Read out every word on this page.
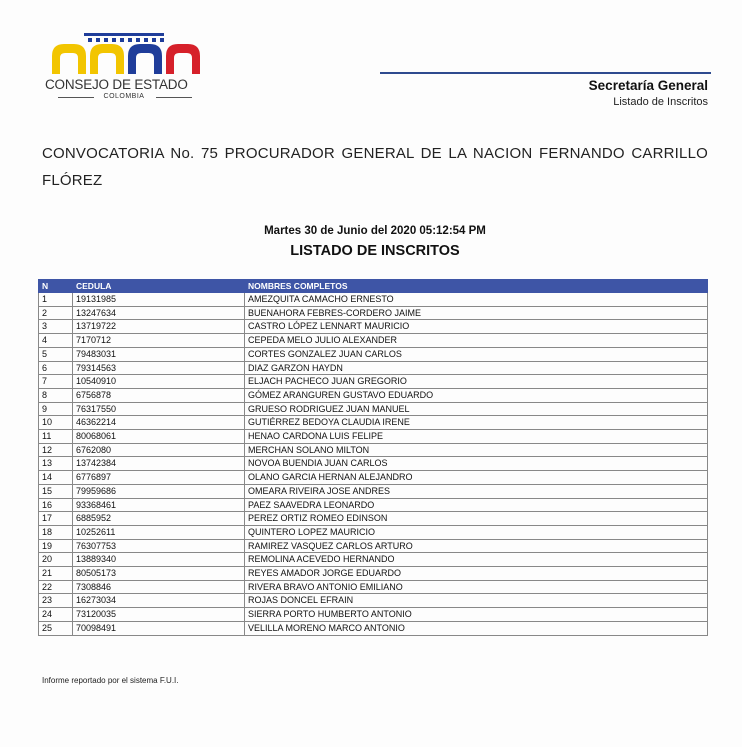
CONSEJO DE ESTADO
COLOMBIA
Secretaría General
Listado de Inscritos
CONVOCATORIA No. 75 PROCURADOR GENERAL DE LA NACION FERNANDO CARRILLO FLÓREZ
Martes 30 de Junio del 2020 05:12:54 PM
LISTADO DE INSCRITOS
N	CEDULA	NOMBRES COMPLETOS
1	19131985	AMEZQUITA CAMACHO ERNESTO
2	13247634	BUENAHORA FEBRES-CORDERO JAIME
3	13719722	CASTRO LÓPEZ LENNART MAURICIO
4	7170712	CEPEDA MELO JULIO ALEXANDER
5	79483031	CORTES GONZALEZ JUAN CARLOS
6	79314563	DIAZ GARZON HAYDN
7	10540910	ELJACH PACHECO JUAN GREGORIO
8	6756878	GÓMEZ ARANGUREN GUSTAVO EDUARDO
9	76317550	GRUESO RODRIGUEZ JUAN MANUEL
10	46362214	GUTIÉRREZ BEDOYA CLAUDIA IRENE
11	80068061	HENAO CARDONA LUIS FELIPE
12	6762080	MERCHAN SOLANO MILTON
13	13742384	NOVOA BUENDIA JUAN CARLOS
14	6776897	OLANO GARCIA HERNAN ALEJANDRO
15	79959686	OMEARA RIVEIRA JOSE ANDRES
16	93368461	PAEZ SAAVEDRA LEONARDO
17	6885952	PEREZ ORTIZ ROMEO EDINSON
18	10252611	QUINTERO LOPEZ MAURICIO
19	76307753	RAMIREZ VASQUEZ CARLOS ARTURO
20	13889340	REMOLINA ACEVEDO HERNANDO
21	80505173	REYES AMADOR JORGE EDUARDO
22	7308846	RIVERA BRAVO ANTONIO EMILIANO
23	16273034	ROJAS DONCEL EFRAIN
24	73120035	SIERRA PORTO HUMBERTO ANTONIO
25	70098491	VELILLA MORENO MARCO ANTONIO
Informe reportado por el sistema F.U.I.
